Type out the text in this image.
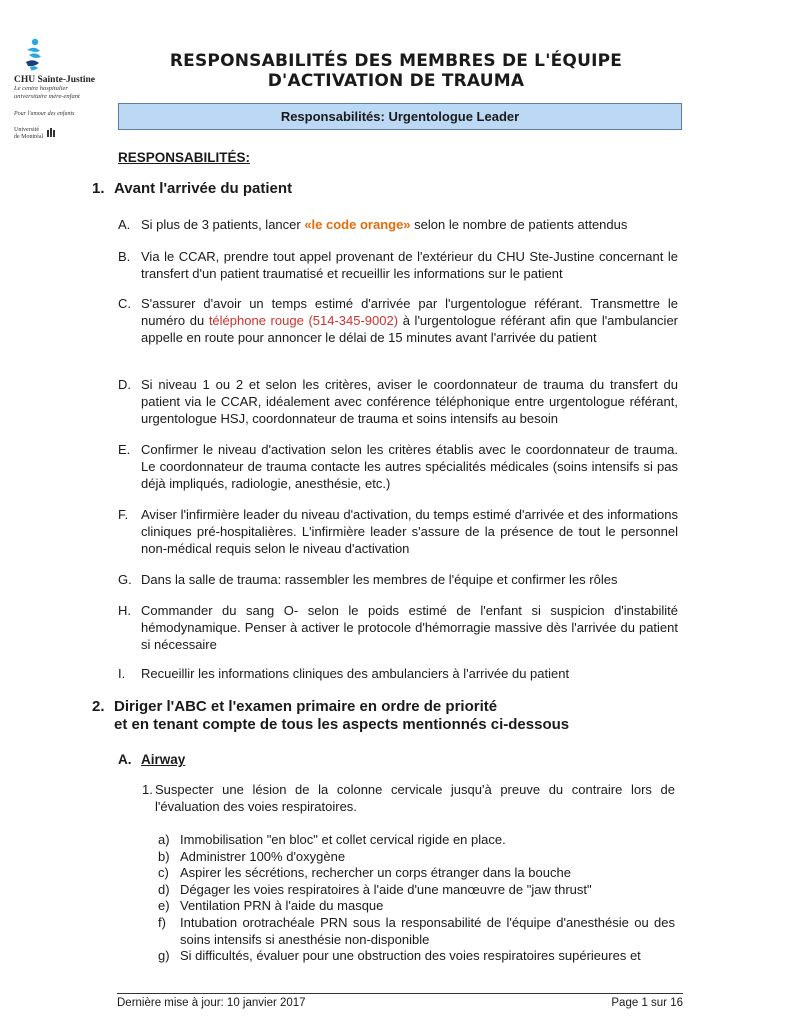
CHU Sainte-Justine
Le centre hospitalier
universitaire mère-enfant
Pour l'amour des enfants
Université
de Montréal
RESPONSABILITÉS DES MEMBRES DE L'ÉQUIPE
D'ACTIVATION DE TRAUMA
Responsabilités: Urgentologue Leader
RESPONSABILITÉS:
1. Avant l'arrivée du patient
A. Si plus de 3 patients, lancer «le code orange» selon le nombre de patients attendus
B. Via le CCAR, prendre tout appel provenant de l'extérieur du CHU Ste-Justine concernant le transfert d'un patient traumatisé et recueillir les informations sur le patient
C. S'assurer d'avoir un temps estimé d'arrivée par l'urgentologue référant. Transmettre le numéro du téléphone rouge (514-345-9002) à l'urgentologue référant afin que l'ambulancier appelle en route pour annoncer le délai de 15 minutes avant l'arrivée du patient
D. Si niveau 1 ou 2 et selon les critères, aviser le coordonnateur de trauma du transfert du patient via le CCAR, idéalement avec conférence téléphonique entre urgentologue référant, urgentologue HSJ, coordonnateur de trauma et soins intensifs au besoin
E. Confirmer le niveau d'activation selon les critères établis avec le coordonnateur de trauma. Le coordonnateur de trauma contacte les autres spécialités médicales (soins intensifs si pas déjà impliqués, radiologie, anesthésie, etc.)
F. Aviser l'infirmière leader du niveau d'activation, du temps estimé d'arrivée et des informations cliniques pré-hospitalières. L'infirmière leader s'assure de la présence de tout le personnel non-médical requis selon le niveau d'activation
G. Dans la salle de trauma: rassembler les membres de l'équipe et confirmer les rôles
H. Commander du sang O- selon le poids estimé de l'enfant si suspicion d'instabilité hémodynamique. Penser à activer le protocole d'hémorragie massive dès l'arrivée du patient si nécessaire
I.	Recueillir les informations cliniques des ambulanciers à l'arrivée du patient
2. Diriger l'ABC et l'examen primaire en ordre de priorité
et en tenant compte de tous les aspects mentionnés ci-dessous
A. Airway
1. Suspecter une lésion de la colonne cervicale jusqu'à preuve du contraire lors de l'évaluation des voies respiratoires.
a) Immobilisation "en bloc" et collet cervical rigide en place.
b) Administrer 100% d'oxygène
c) Aspirer les sécrétions, rechercher un corps étranger dans la bouche
d) Dégager les voies respiratoires à l'aide d'une manœuvre de "jaw thrust"
e) Ventilation PRN à l'aide du masque
f)	Intubation orotrachéale PRN sous la responsabilité de l'équipe d'anesthésie ou des soins intensifs si anesthésie non-disponible
g) Si difficultés, évaluer pour une obstruction des voies respiratoires supérieures et
Dernière mise à jour: 10 janvier 2017	Page 1 sur 16
